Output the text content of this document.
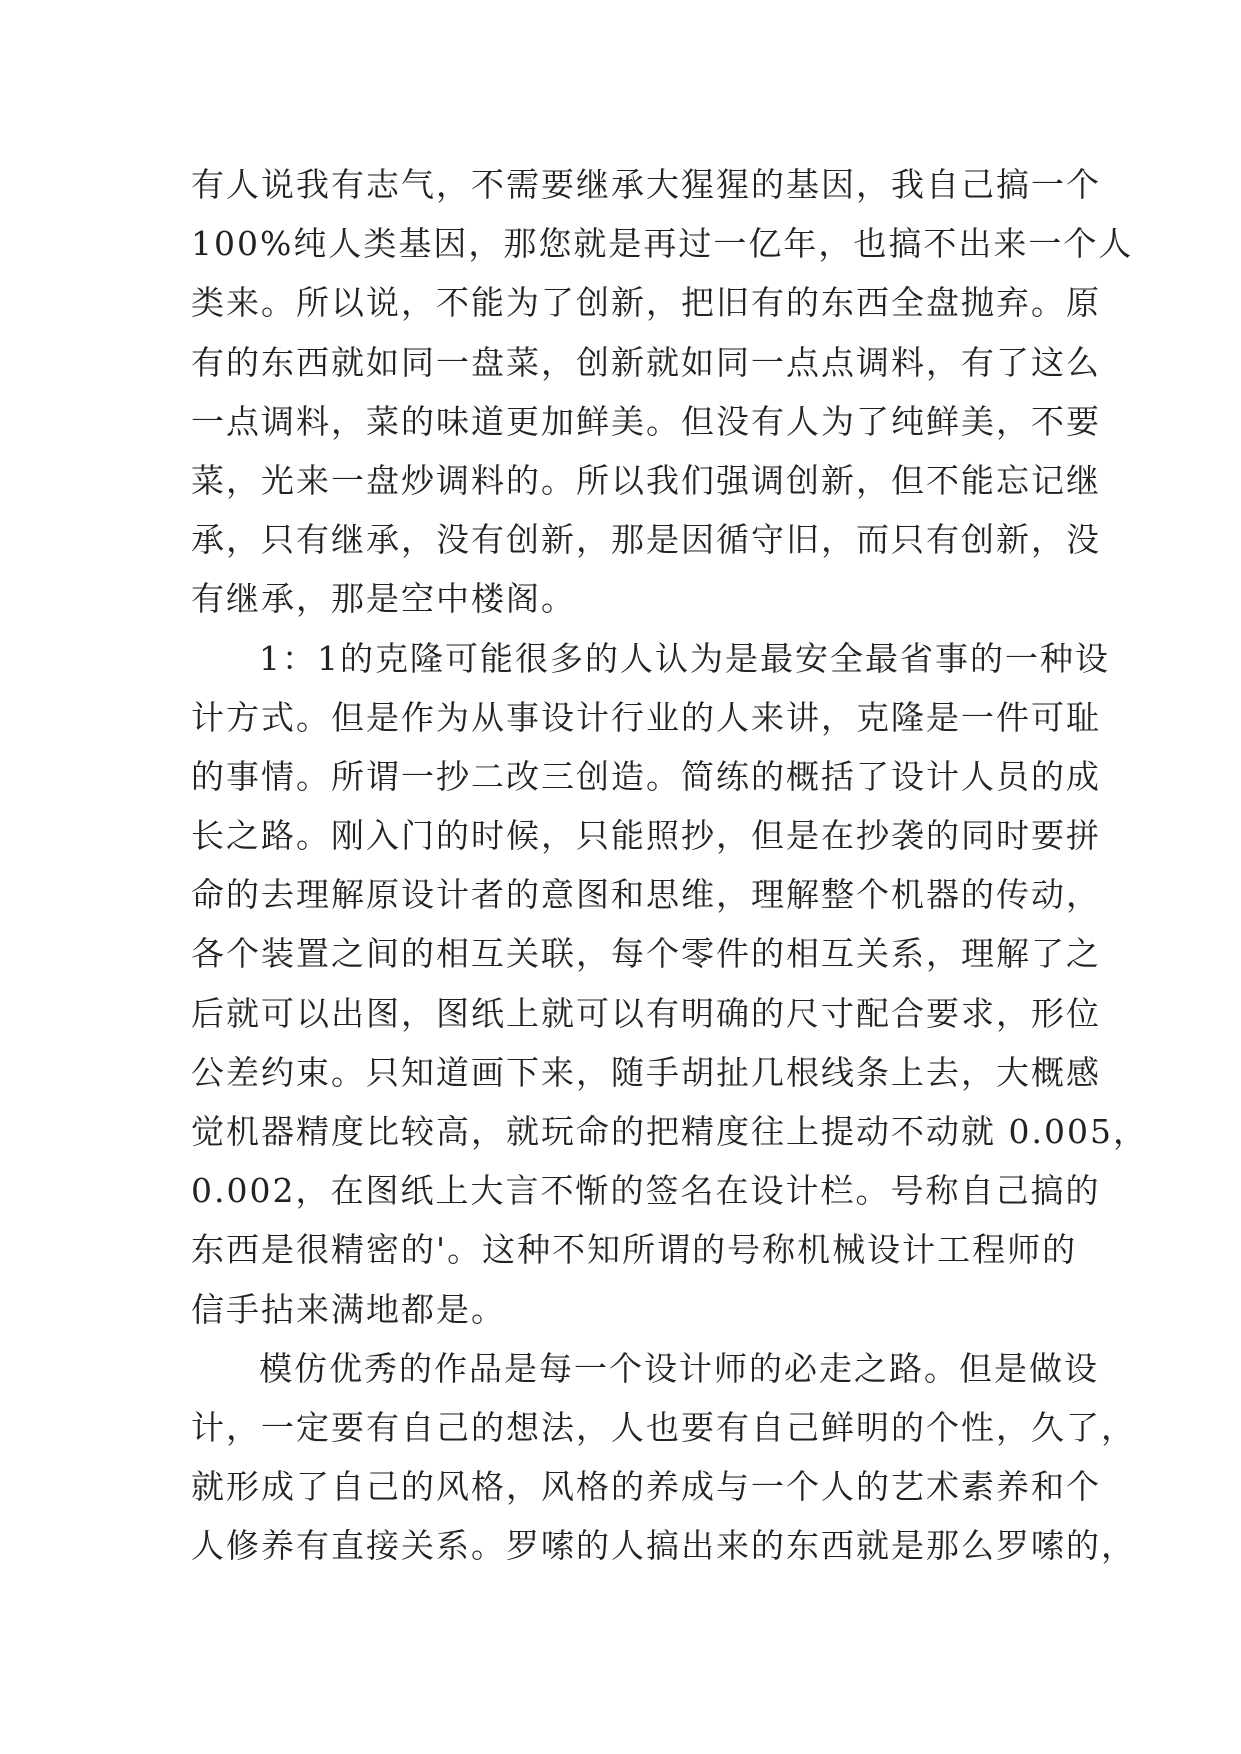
有人说我有志气，不需要继承大猩猩的基因，我自己搞一个
100%纯人类基因，那您就是再过一亿年，也搞不出来一个人
类来。所以说，不能为了创新，把旧有的东西全盘抛弃。原
有的东西就如同一盘菜，创新就如同一点点调料，有了这么
一点调料，菜的味道更加鲜美。但没有人为了纯鲜美，不要
菜，光来一盘炒调料的。所以我们强调创新，但不能忘记继
承，只有继承，没有创新，那是因循守旧，而只有创新，没
有继承，那是空中楼阁。
1：1的克隆可能很多的人认为是最安全最省事的一种设
计方式。但是作为从事设计行业的人来讲，克隆是一件可耻
的事情。所谓一抄二改三创造。简练的概括了设计人员的成
长之路。刚入门的时候，只能照抄，但是在抄袭的同时要拼
命的去理解原设计者的意图和思维，理解整个机器的传动，
各个装置之间的相互关联，每个零件的相互关系，理解了之
后就可以出图，图纸上就可以有明确的尺寸配合要求，形位
公差约束。只知道画下来，随手胡扯几根线条上去，大概感
觉机器精度比较高，就玩命的把精度往上提动不动就 0.005，
0.002，在图纸上大言不惭的签名在设计栏。号称自己搞的
东西是很精密的'。这种不知所谓的号称机械设计工程师的
信手拈来满地都是。
模仿优秀的作品是每一个设计师的必走之路。但是做设
计，一定要有自己的想法，人也要有自己鲜明的个性，久了，
就形成了自己的风格，风格的养成与一个人的艺术素养和个
人修养有直接关系。罗嗦的人搞出来的东西就是那么罗嗦的，
